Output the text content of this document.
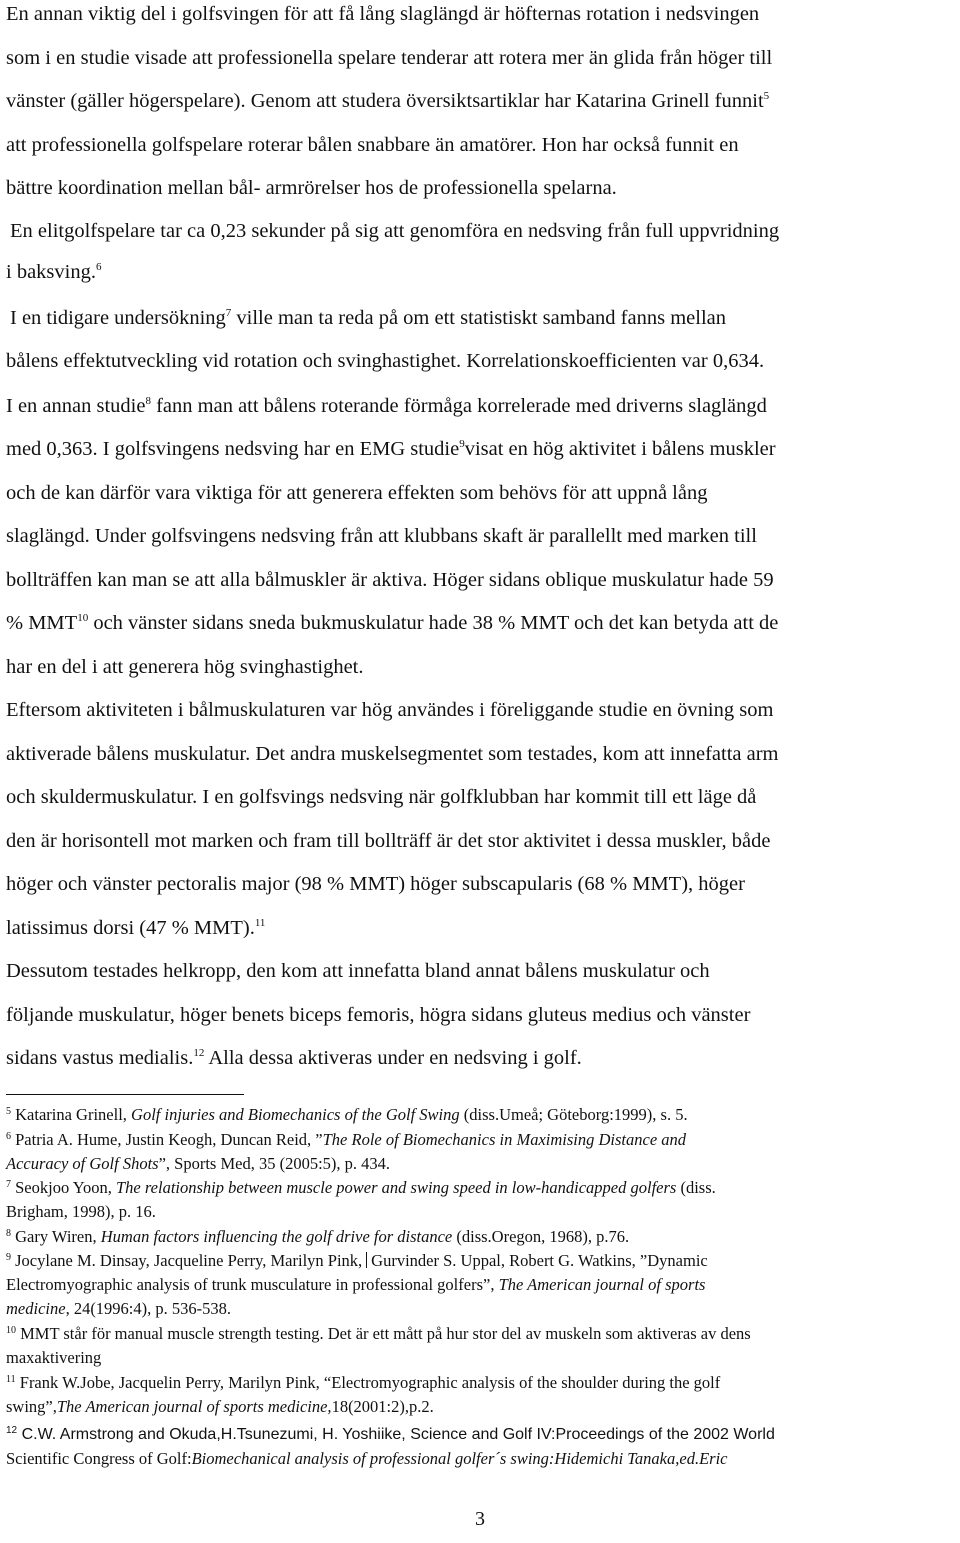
En annan viktig del i golfsvingen för att få lång slaglängd är höfternas rotation i nedsvingen
som i en studie visade att professionella spelare tenderar att rotera mer än glida från höger till
vänster (gäller högerspelare). Genom att studera översiktsartiklar har Katarina Grinell funnit$^5$
att professionella golfspelare roterar bålen snabbare än amatörer. Hon har också funnit en
bättre koordination mellan bål- armrörelser hos de professionella spelarna.
En elitgolfspelare tar ca 0,23 sekunder på sig att genomföra en nedsving från full uppvridning
i baksving.$^6$
I en tidigare undersökning$^7$ ville man ta reda på om ett statistiskt samband fanns mellan
bålens effektutveckling vid rotation och svinghastighet. Korrelationskoefficienten var 0,634.
I en annan studie$^8$ fann man att bålens roterande förmåga korrelerade med driverns slaglängd
med 0,363. I golfsvingens nedsving har en EMG studie$^9$visat en hög aktivitet i bålens muskler
och de kan därför vara viktiga för att generera effekten som behövs för att uppnå lång
slaglängd. Under golfsvingens nedsving från att klubbans skaft är parallellt med marken till
bollträffen kan man se att alla bålmuskler är aktiva. Höger sidans oblique muskulatur hade 59
% MMT$^{10}$ och vänster sidans sneda bukmuskulatur hade 38 % MMT och det kan betyda att de
har en del i att generera hög svinghastighet.
Eftersom aktiviteten i bålmuskulaturen var hög användes i föreliggande studie en övning som
aktiverade bålens muskulatur. Det andra muskelsegmentet som testades, kom att innefatta arm
och skuldermuskulatur. I en golfsvings nedsving när golfklubban har kommit till ett läge då
den är horisontell mot marken och fram till bollträff är det stor aktivitet i dessa muskler, både
höger och vänster pectoralis major (98 % MMT) höger subscapularis (68 % MMT), höger
latissimus dorsi (47 % MMT).$^{11}$
Dessutom testades helkropp, den kom att innefatta bland annat bålens muskulatur och
följande muskulatur, höger benets biceps femoris, högra sidans gluteus medius och vänster
sidans vastus medialis.$^{12}$ Alla dessa aktiveras under en nedsving i golf.
$^5$ Katarina Grinell, Golf injuries and Biomechanics of the Golf Swing (diss.Umeå; Göteborg:1999), s. 5.
$^6$ Patria A. Hume, Justin Keogh, Duncan Reid, ”The Role of Biomechanics in Maximising Distance and
Accuracy of Golf Shots”, Sports Med, 35 (2005:5), p. 434.
$^7$ Seokjoo Yoon, The relationship between muscle power and swing speed in low-handicapped golfers (diss.
Brigham, 1998), p. 16.
$^8$ Gary Wiren, Human factors influencing the golf drive for distance (diss.Oregon, 1968), p.76.
$^9$ Jocylane M. Dinsay, Jacqueline Perry, Marilyn Pink, Gurvinder S. Uppal, Robert G. Watkins, ”Dynamic
Electromyographic analysis of trunk musculature in professional golfers”, The American journal of sports
medicine, 24(1996:4), p. 536-538.
$^{10}$ MMT står för manual muscle strength testing. Det är ett mått på hur stor del av muskeln som aktiveras av dens
maxaktivering
$^{11}$ Frank W.Jobe, Jacquelin Perry, Marilyn Pink, “Electromyographic analysis of the shoulder during the golf
swing”,The American journal of sports medicine,18(2001:2),p.2.
$^{12}$ C.W. Armstrong and Okuda,H.Tsunezumi, H. Yoshiike, Science and Golf IV:Proceedings of the 2002 World
Scientific Congress of Golf:Biomechanical analysis of professional golfer´s swing:Hidemichi Tanaka,ed.Eric
3
